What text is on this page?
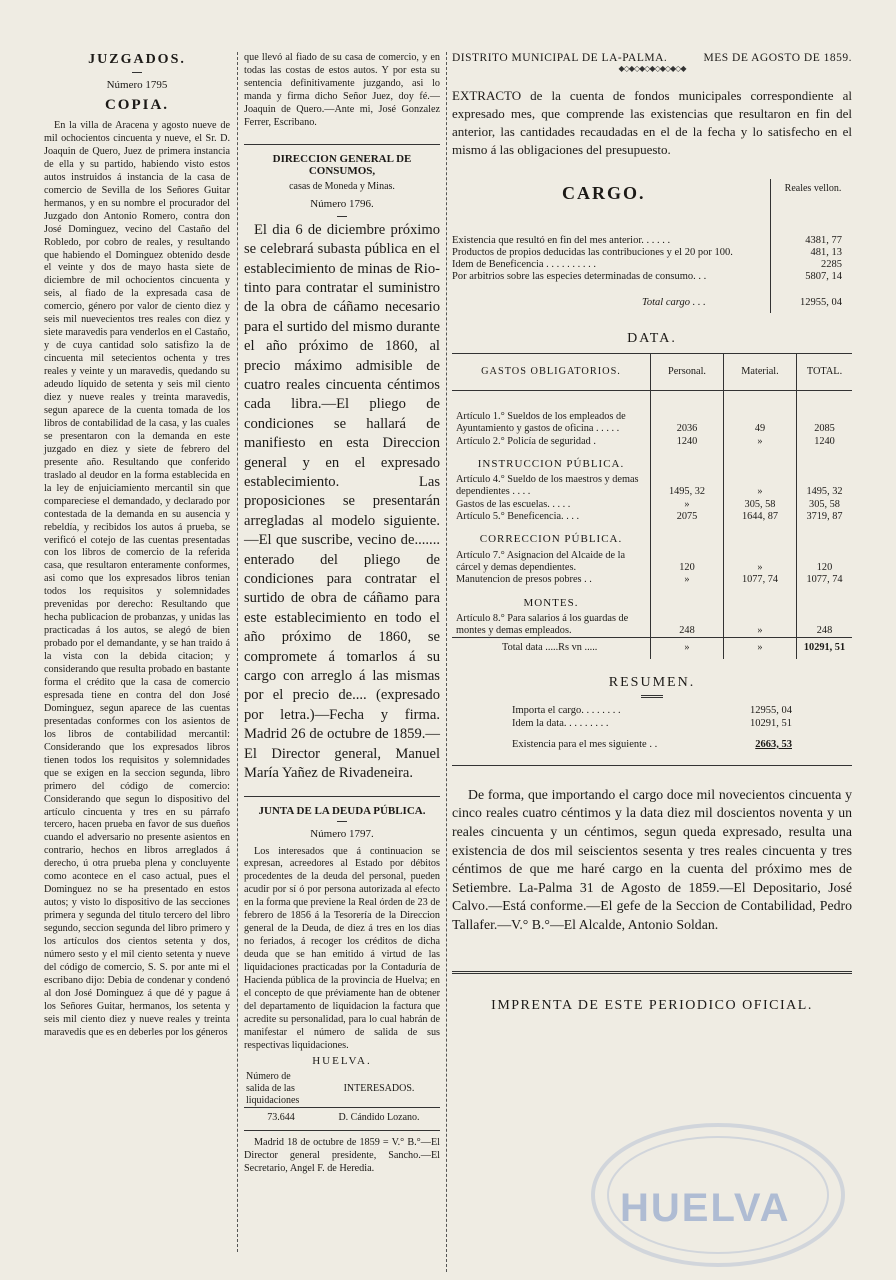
JUZGADOS.

Número 1795

COPIA.

En la villa de Aracena y agosto nueve de mil ochocientos cincuenta y nueve, el Sr. D. Joaquin de Quero, Juez de primera instancia de ella y su partido, habiendo visto estos autos instruidos á instancia de la casa de comercio de Sevilla de los Señores Guitar hermanos, y en su nombre el procurador del Juzgado don Antonio Romero, contra don José Dominguez, vecino del Castaño del Robledo, por cobro de reales, y resultando que habiendo el Dominguez obtenido desde el veinte y dos de mayo hasta siete de diciembre de mil ochocientos cincuenta y seis, al fiado de la expresada casa de comercio, género por valor de ciento diez y seis mil nuevecientos tres reales con diez y siete maravedis para venderlos en el Castaño, y de cuya cantidad solo satisfizo la de cincuenta mil setecientos ochenta y tres reales y veinte y un maravedis, quedando su adeudo líquido de setenta y seis mil ciento diez y nueve reales y treinta maravedis, segun aparece de la cuenta tomada de los libros de contabilidad de la casa, y las cuales se presentaron con la demanda en este juzgado en diez y siete de febrero del presente año. Resultando que conferido traslado al deudor en la forma establecida en la ley de enjuiciamiento mercantil sin que compareciese el demandado, y declarado por contestada de la demanda en su ausencia y rebeldía, y recibidos los autos á prueba, se verificó el cotejo de las cuentas presentadas con los libros de comercio de la referida casa, que resultaron enteramente conformes, asi como que los expresados libros tenian todos los requisitos y solemnidades prevenidas por derecho: Resultando que hecha publicacion de probanzas, y unidas las practicadas á los autos, se alegó de bien probado por el demandante, y se han traido á la vista con la debida citacion; y considerando que resulta probado en bastante forma el crédito que la casa de comercio espresada tiene en contra del don José Dominguez, segun aparece de las cuentas presentadas conformes con los asientos de los libros de contabilidad mercantil: Considerando que los expresados libros tienen todos los requisitos y solemnidades que se exigen en la seccion segunda, libro primero del código de comercio: Considerando que segun lo dispositivo del artículo cincuenta y tres en su párrafo tercero, hacen prueba en favor de sus dueños cuando el adversario no presente asientos en contrario, hechos en libros arreglados á derecho, ú otra prueba plena y concluyente como acontece en el caso actual, pues el Dominguez no se ha presentado en estos autos; y visto lo dispositivo de las secciones primera y segunda del titulo tercero del libro segundo, seccion segunda del libro primero y los artículos dos cientos setenta y dos, número sesto y el mil ciento setenta y nueve del código de comercio, S. S. por ante mi el escribano dijo: Debia de condenar y condenó al don José Dominguez á que dé y pague á los Señores Guitar, hermanos, los setenta y seis mil ciento diez y nueve reales y treinta maravedis que es en deberles por los géneros

que llevó al fiado de su casa de comercio, y en todas las costas de estos autos. Y por esta su sentencia definitivamente juzgando, asi lo manda y firma dicho Señor Juez, doy fé.—Joaquin de Quero.—Ante mi, José Gonzalez Ferrer, Escribano.

DIRECCION GENERAL DE CONSUMOS,

casas de Moneda y Minas.

Número 1796.

El dia 6 de diciembre próximo se celebrará subasta pública en el establecimiento de minas de Rio-tinto para contratar el suministro de la obra de cáñamo necesario para el surtido del mismo durante el año próximo de 1860, al precio máximo admisible de cuatro reales cincuenta céntimos cada libra.—El pliego de condiciones se hallará de manifiesto en esta Direccion general y en el expresado establecimiento. Las proposiciones se presentarán arregladas al modelo siguiente. —El que suscribe, vecino de....... enterado del pliego de condiciones para contratar el surtido de obra de cáñamo para este establecimiento en todo el año próximo de 1860, se compromete á tomarlos á su cargo con arreglo á las mismas por el precio de.... (expresado por letra.)—Fecha y firma. Madrid 26 de octubre de 1859.—El Director general, Manuel María Yañez de Rivadeneira.

JUNTA DE LA DEUDA PÚBLICA.

Número 1797.

Los interesados que á continuacion se expresan, acreedores al Estado por débitos procedentes de la deuda del personal, pueden acudir por sí ó por persona autorizada al efecto en la forma que previene la Real órden de 23 de febrero de 1856 á la Tesorería de la Direccion general de la Deuda, de diez á tres en los dias no feriados, á recoger los créditos de dicha deuda que se han emitido á virtud de las liquidaciones practicadas por la Contaduría de Hacienda pública de la provincia de Huelva; en el concepto de que préviamente han de obtener del departamento de liquidacion la factura que acredite su personalidad, para lo cual habrán de manifestar el número de salida de sus respectivas liquidaciones.

HUELVA.

Número de salida de las liquidaciones	INTERESADOS.
73.644	D. Cándido Lozano.

Madrid 18 de octubre de 1859 = V.° B.°—El Director general presidente, Sancho.—El Secretario, Angel F. de Heredia.

DISTRITO MUNICIPAL DE LA-PALMA.	MES DE AGOSTO DE 1859.

◆◇◆◇◆◇◆◇◆◇◆◇◆

EXTRACTO de la cuenta de fondos municipales correspondiente al expresado mes, que comprende las existencias que resultaron en fin del anterior, las cantidades recaudadas en el de la fecha y lo satisfecho en el mismo á las obligaciones del presupuesto.

CARGO.	Reales vellon.
Existencia que resultó en fin del mes anterior. . . . . .	4381, 77
Productos de propios deducidas las contribuciones y el 20 por 100.	481, 13
Idem de Beneficencia . . . . . . . . . .	2285
Por arbitrios sobre las especies determinadas de consumo. . .	5807, 14
Total cargo . . .	12955, 04

DATA.

GASTOS OBLIGATORIOS.	Personal.	Material.	TOTAL.

Artículo 1.° Sueldos de los empleados de Ayuntamiento y gastos de oficina . . . . .	2036	49	2085
Artículo 2.° Policía de seguridad .	1240	»	1240
INSTRUCCION PÚBLICA.			
Artículo 4.° Sueldo de los maestros y demas dependientes . . . .	1495, 32	»	1495, 32
Gastos de las escuelas. . . . .	»	305, 58	305, 58
Artículo 5.° Beneficencia. . . .	2075	1644, 87	3719, 87
CORRECCION PÚBLICA.			
Artículo 7.° Asignacion del Alcaide de la cárcel y demas dependientes.	120	»	120
Manutencion de presos pobres . .	»	1077, 74	1077, 74
MONTES.			
Artículo 8.° Para salarios á los guardas de montes y demas empleados.	248	»	248
Total data .....Rs vn .....	»	»	10291, 51

RESUMEN.

Importa el cargo. . . . . . . .	12955, 04
Idem la data. . . . . . . . .	10291, 51
Existencia para el mes siguiente . .	2663, 53

De forma, que importando el cargo doce mil novecientos cincuenta y cinco reales cuatro céntimos y la data diez mil doscientos noventa y un reales cincuenta y un céntimos, segun queda expresado, resulta una existencia de dos mil seiscientos sesenta y tres reales cincuenta y tres céntimos de que me haré cargo en la cuenta del próximo mes de Setiembre. La-Palma 31 de Agosto de 1859.—El Depositario, José Calvo.—Está conforme.—El gefe de la Seccion de Contabilidad, Pedro Tallafer.—V.° B.°—El Alcalde, Antonio Soldan.

IMPRENTA DE ESTE PERIODICO OFICIAL.

HUELVA
